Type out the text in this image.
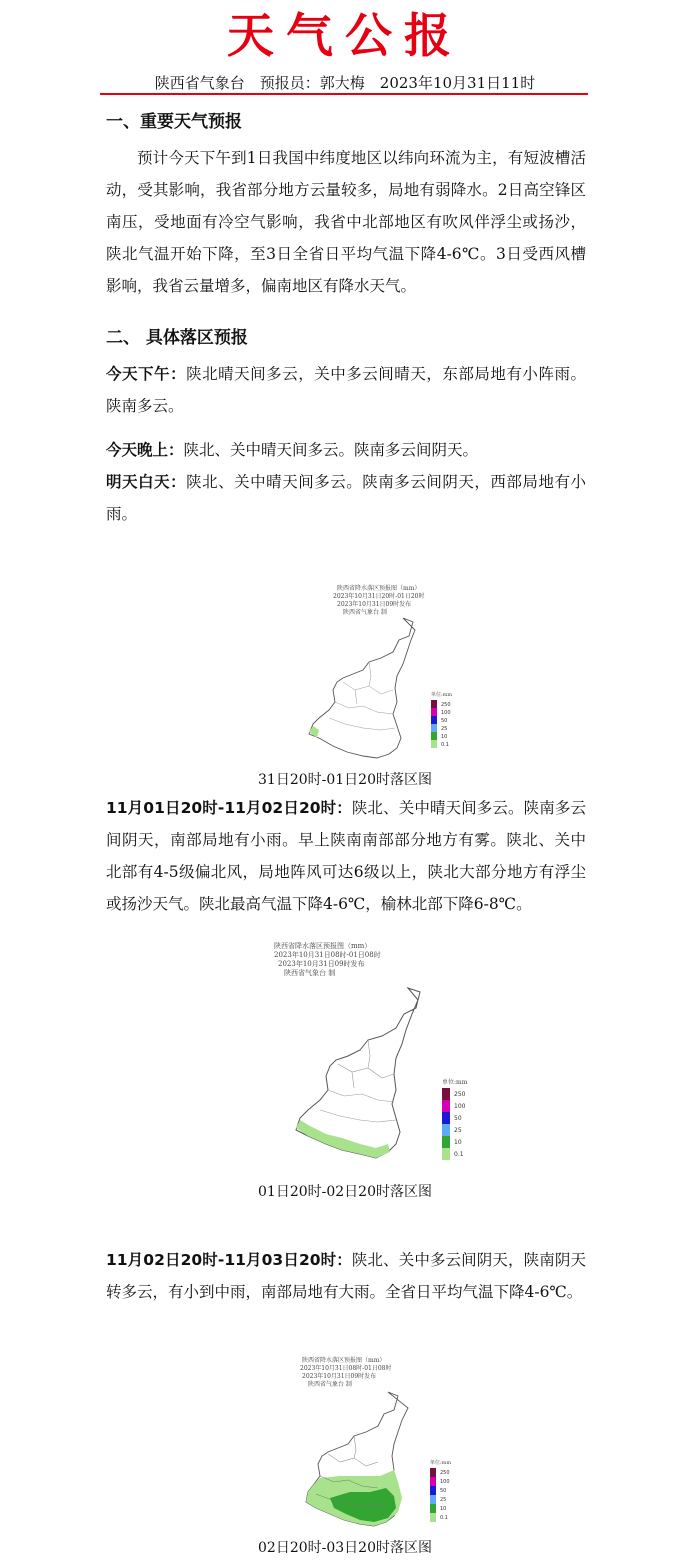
天气公报
陕西省气象台　预报员：郭大梅　2023年10月31日11时
一、重要天气预报

预计今天下午到1日我国中纬度地区以纬向环流为主，有短波槽活动，受其影响，我省部分地方云量较多，局地有弱降水。2日高空锋区南压，受地面有冷空气影响，我省中北部地区有吹风伴浮尘或扬沙，陕北气温开始下降，至3日全省日平均气温下降4-6℃。3日受西风槽影响，我省云量增多，偏南地区有降水天气。

二、 具体落区预报

今天下午：陕北晴天间多云，关中多云间晴天，东部局地有小阵雨。陕南多云。

今天晚上：陕北、关中晴天间多云。陕南多云间阴天。

明天白天：陕北、关中晴天间多云。陕南多云间阴天，西部局地有小雨。

陕西省降水落区预报图（mm）
2023年10月31日20时-01日20时
2023年10月31日09时发布
陕西省气象台 制
单位:mm
250
100
50
25
10
0.1
31日20时-01日20时落区图

11月01日20时-11月02日20时：陕北、关中晴天间多云。陕南多云间阴天，南部局地有小雨。早上陕南南部部分地方有雾。陕北、关中北部有4-5级偏北风，局地阵风可达6级以上，陕北大部分地方有浮尘或扬沙天气。陕北最高气温下降4-6℃，榆林北部下降6-8℃。

陕西省降水落区预报图（mm）
2023年10月31日08时-01日08时
2023年10月31日09时发布
陕西省气象台 制
单位:mm
250
100
50
25
10
0.1
01日20时-02日20时落区图

11月02日20时-11月03日20时：陕北、关中多云间阴天，陕南阴天转多云，有小到中雨，南部局地有大雨。全省日平均气温下降4-6℃。

陕西省降水落区预报图（mm）
2023年10月31日08时-01日08时
2023年10月31日09时发布
陕西省气象台 制
单位:mm
250
100
50
25
10
0.1
02日20时-03日20时落区图
